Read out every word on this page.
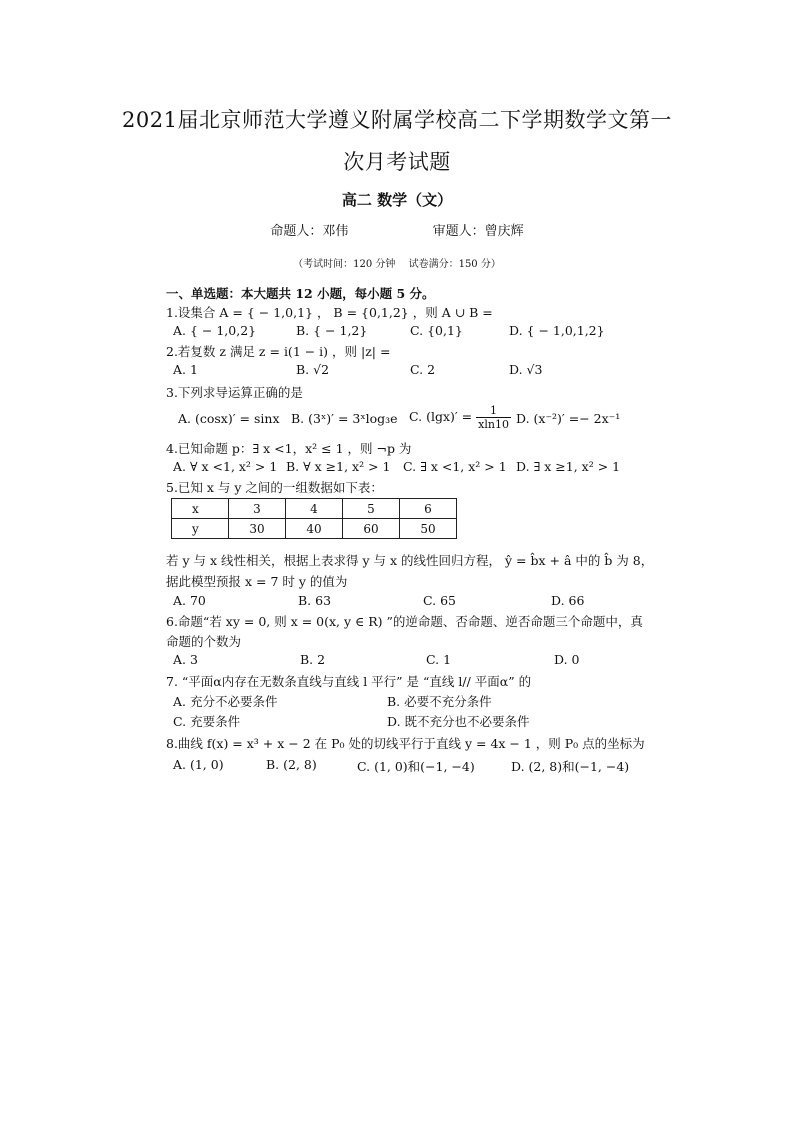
2021届北京师范大学遵义附属学校高二下学期数学文第一
次月考试题
高二 数学（文）
命题人：邓伟	审题人：曾庆辉
（考试时间：120 分钟　 试卷满分：150 分）
一、单选题：本大题共 12 小题，每小题 5 分。
1.设集合 A = { − 1,0,1} ， B = {0,1,2} ，则 A ∪ B =
A. { − 1,0,2}	B. { − 1,2}	C. {0,1}	D. { − 1,0,1,2}
2.若复数 z 满足 z = i(1 − i) ，则 |z| =
A. 1	B. √2	C. 2	D. √3
3.下列求导运算正确的是
A. (cosx)′ = sinx B. (3ˣ)′ = 3ˣlog₃e C. $(\lg x)' = \frac{1}{xln10} D$. (x⁻²)′ =− 2x⁻¹
4.已知命题 p：∃ x <1，x² ≤ 1 ，则 ¬p 为
A. ∀ x <1, x² > 1 B. ∀ x ≥1, x² > 1 C. ∃ x <1, x² > 1 D. ∃ x ≥1, x² > 1
5.已知 x 与 y 之间的一组数据如下表：
x	3	4	5	6
y	30	40	60	50
若 y 与 x 线性相关，根据上表求得 y 与 x 的线性回归方程， ŷ = b̂x + â 中的 b̂ 为 8，
据此模型预报 x = 7 时 y 的值为
A. 70	B. 63	C. 65	D. 66
6.命题“若 xy = 0, 则 x = 0(x, y ∈ R) ”的逆命题、否命题、逆否命题三个命题中，真
命题的个数为
A. 3	B. 2	C. 1	D. 0
7. “平面α内存在无数条直线与直线 l 平行” 是 “直线 l// 平面α” 的
A. 充分不必要条件	B. 必要不充分条件
C. 充要条件	D. 既不充分也不必要条件
8.曲线 f(x) = x³ + x − 2 在 P₀ 处的切线平行于直线 y = 4x − 1 ，则 P₀ 点的坐标为
A. (1, 0)	B. (2, 8)	C. (1, 0)和(−1, −4)	D. (2, 8)和(−1, −4)
